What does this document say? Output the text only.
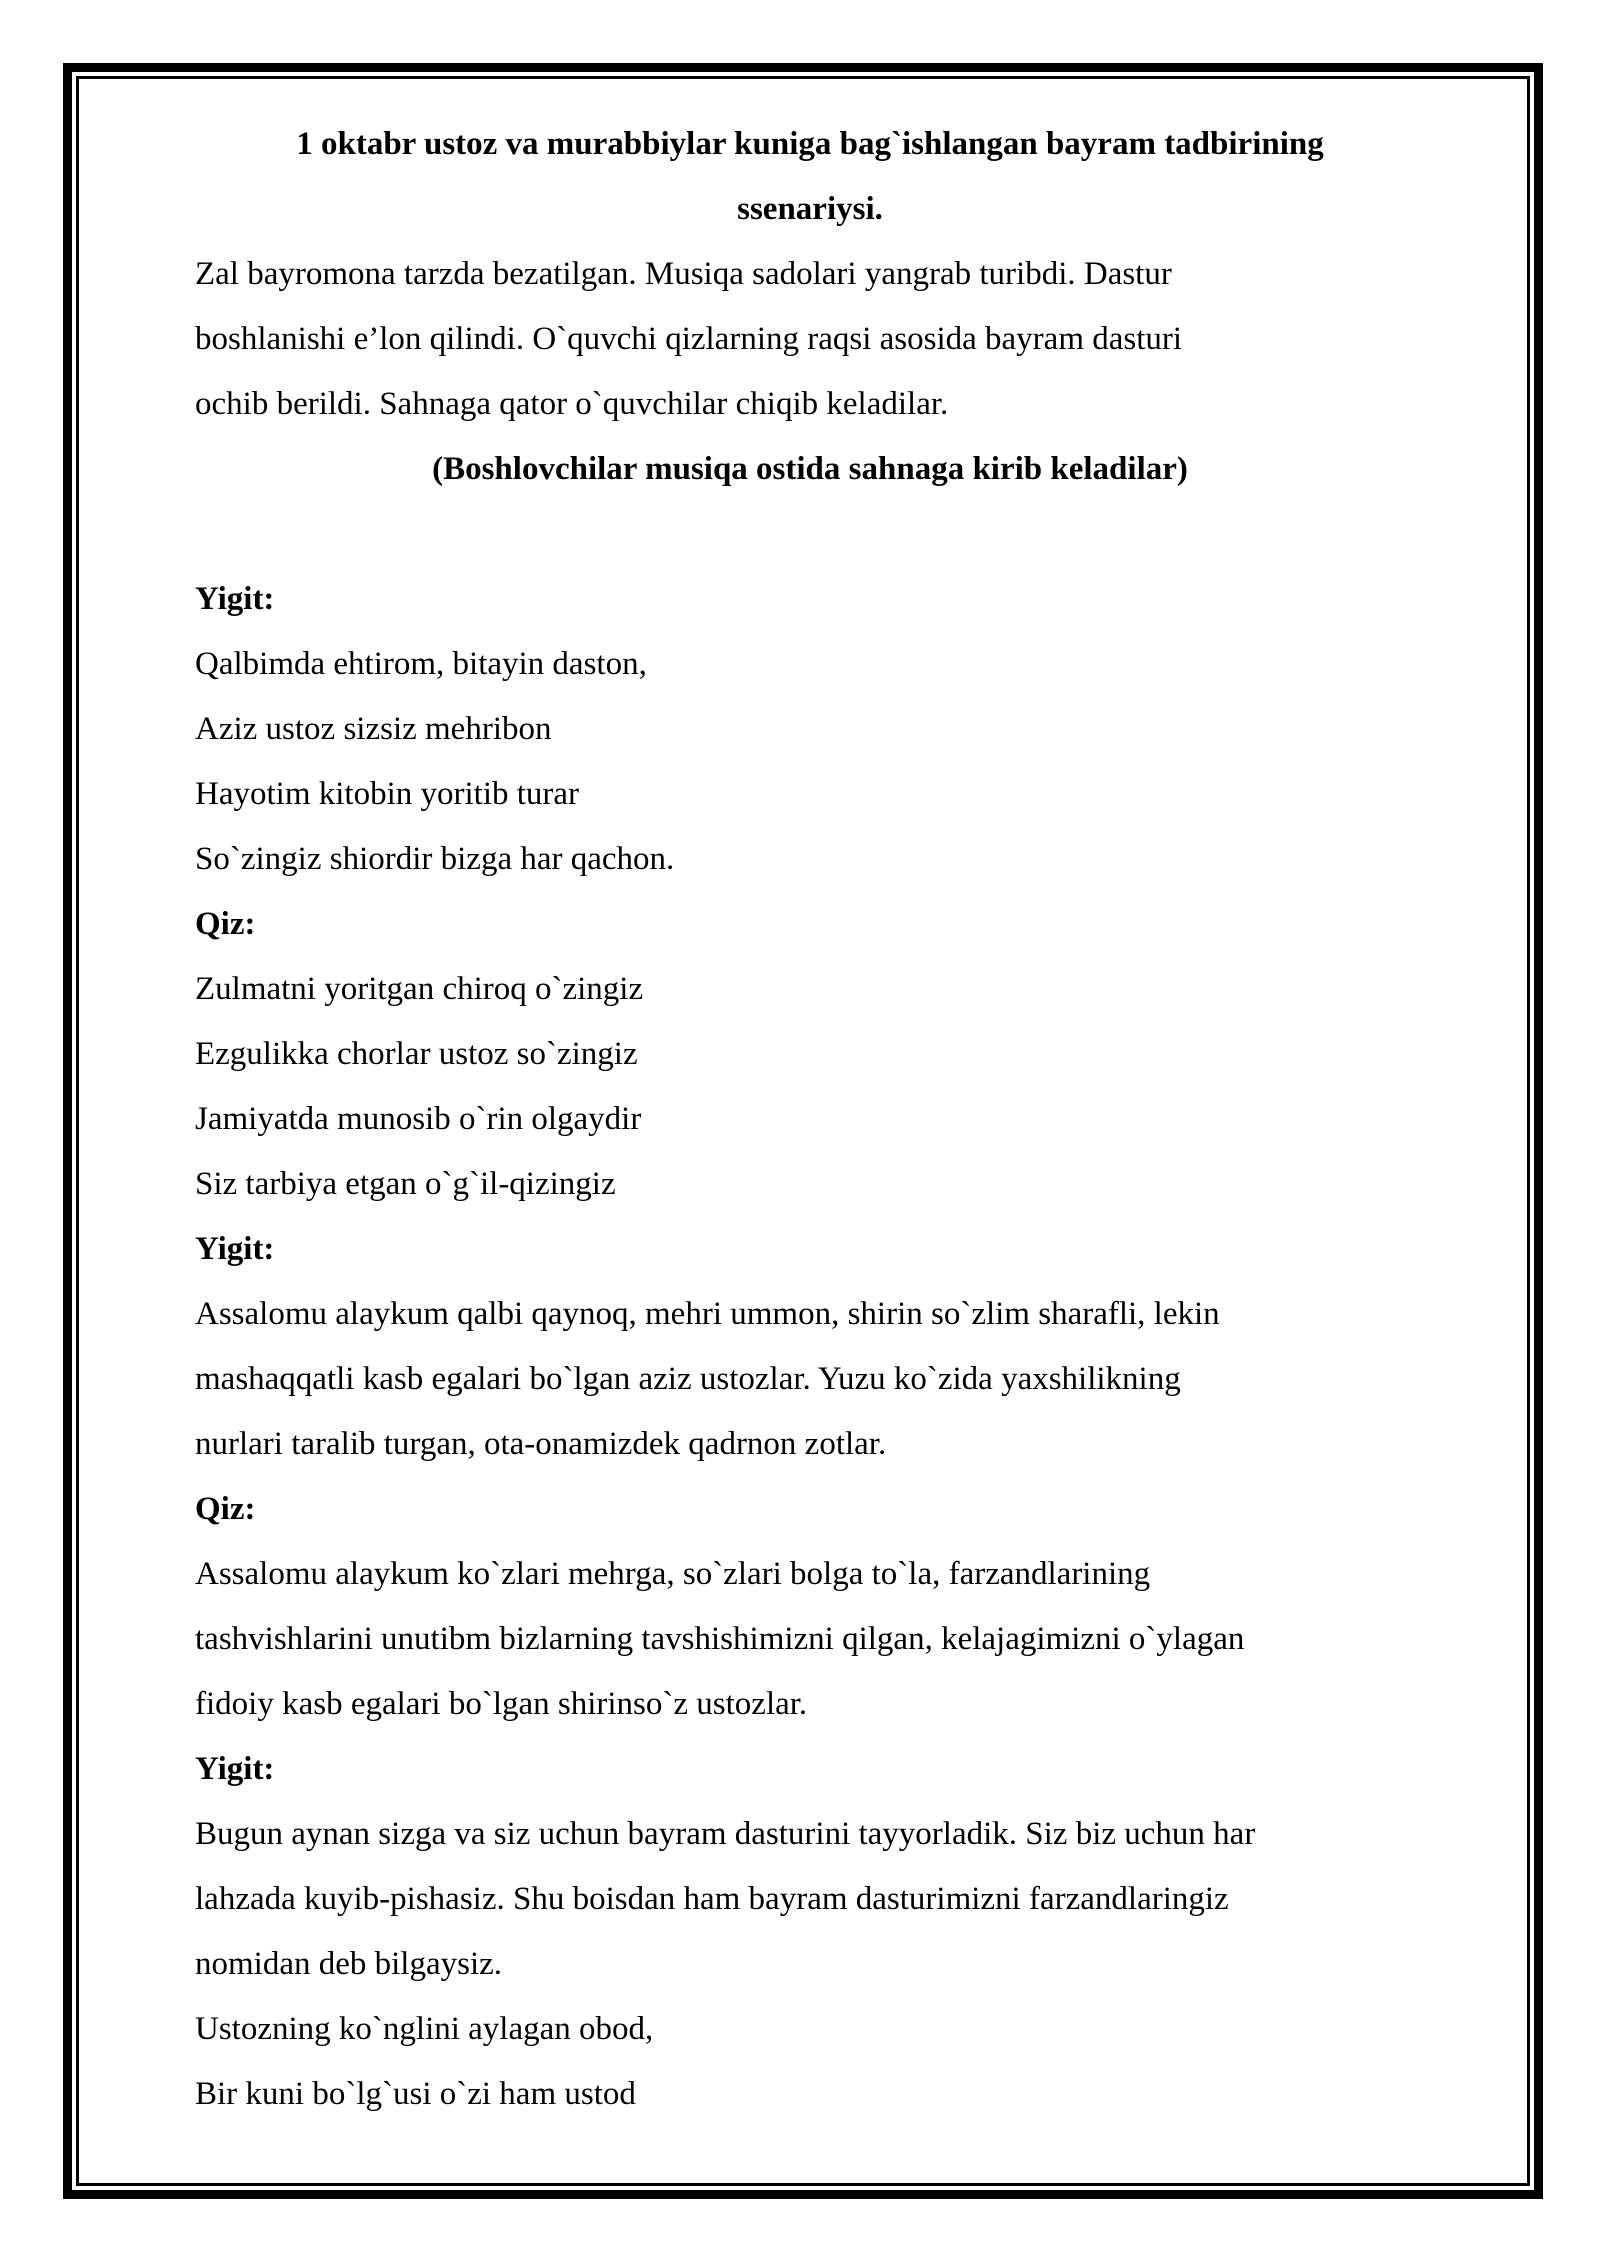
1 oktabr ustoz va murabbiylar kuniga bag`ishlangan bayram tadbirining

ssenariysi.

Zal bayromona tarzda bezatilgan. Musiqa sadolari yangrab turibdi. Dastur

boshlanishi e’lon qilindi. O`quvchi qizlarning raqsi asosida bayram dasturi

ochib berildi. Sahnaga qator o`quvchilar chiqib keladilar.

(Boshlovchilar musiqa ostida sahnaga kirib keladilar)

Yigit:

Qalbimda ehtirom, bitayin daston,

Aziz ustoz sizsiz mehribon

Hayotim kitobin yoritib turar

So`zingiz shiordir bizga har qachon.

Qiz:

Zulmatni yoritgan chiroq o`zingiz

Ezgulikka chorlar ustoz so`zingiz

Jamiyatda munosib o`rin olgaydir

Siz tarbiya etgan o`g`il-qizingiz

Yigit:

Assalomu alaykum qalbi qaynoq, mehri ummon, shirin so`zlim sharafli, lekin

mashaqqatli kasb egalari bo`lgan aziz ustozlar. Yuzu ko`zida yaxshilikning

nurlari taralib turgan, ota-onamizdek qadrnon zotlar.

Qiz:

Assalomu alaykum ko`zlari mehrga, so`zlari bolga to`la, farzandlarining

tashvishlarini unutibm bizlarning tavshishimizni qilgan, kelajagimizni o`ylagan

fidoiy kasb egalari bo`lgan shirinso`z ustozlar.

Yigit:

Bugun aynan sizga va siz uchun bayram dasturini tayyorladik. Siz biz uchun har

lahzada kuyib-pishasiz. Shu boisdan ham bayram dasturimizni farzandlaringiz

nomidan deb bilgaysiz.

Ustozning ko`nglini aylagan obod,

Bir kuni bo`lg`usi o`zi ham ustod
